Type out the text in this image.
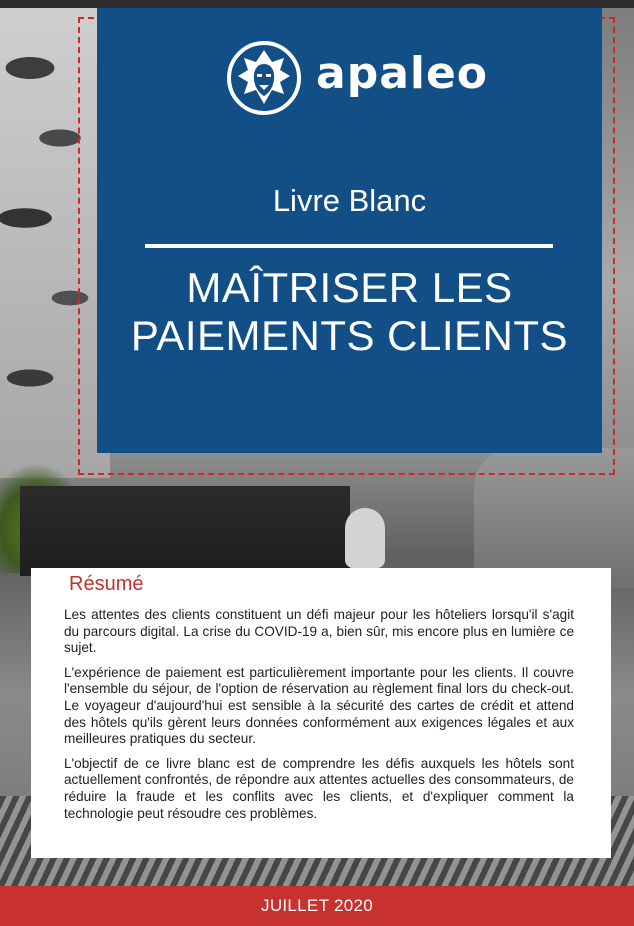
apaleo
Livre Blanc
MAÎTRISER LES
PAIEMENTS CLIENTS
Résumé

Les attentes des clients constituent un défi majeur pour les hôteliers lorsqu'il s'agit du parcours digital. La crise du COVID-19 a, bien sûr, mis encore plus en lumière ce sujet.

L'expérience de paiement est particulièrement importante pour les clients. Il couvre l'ensemble du séjour, de l'option de réservation au règlement final lors du check-out. Le voyageur d'aujourd'hui est sensible à la sécurité des cartes de crédit et attend des hôtels qu'ils gèrent leurs données conformément aux exigences légales et aux meilleures pratiques du secteur.

L'objectif de ce livre blanc est de comprendre les défis auxquels les hôtels sont actuellement confrontés, de répondre aux attentes actuelles des consommateurs, de réduire la fraude et les conflits avec les clients, et d'expliquer comment la technologie peut résoudre ces problèmes.

JUILLET 2020
